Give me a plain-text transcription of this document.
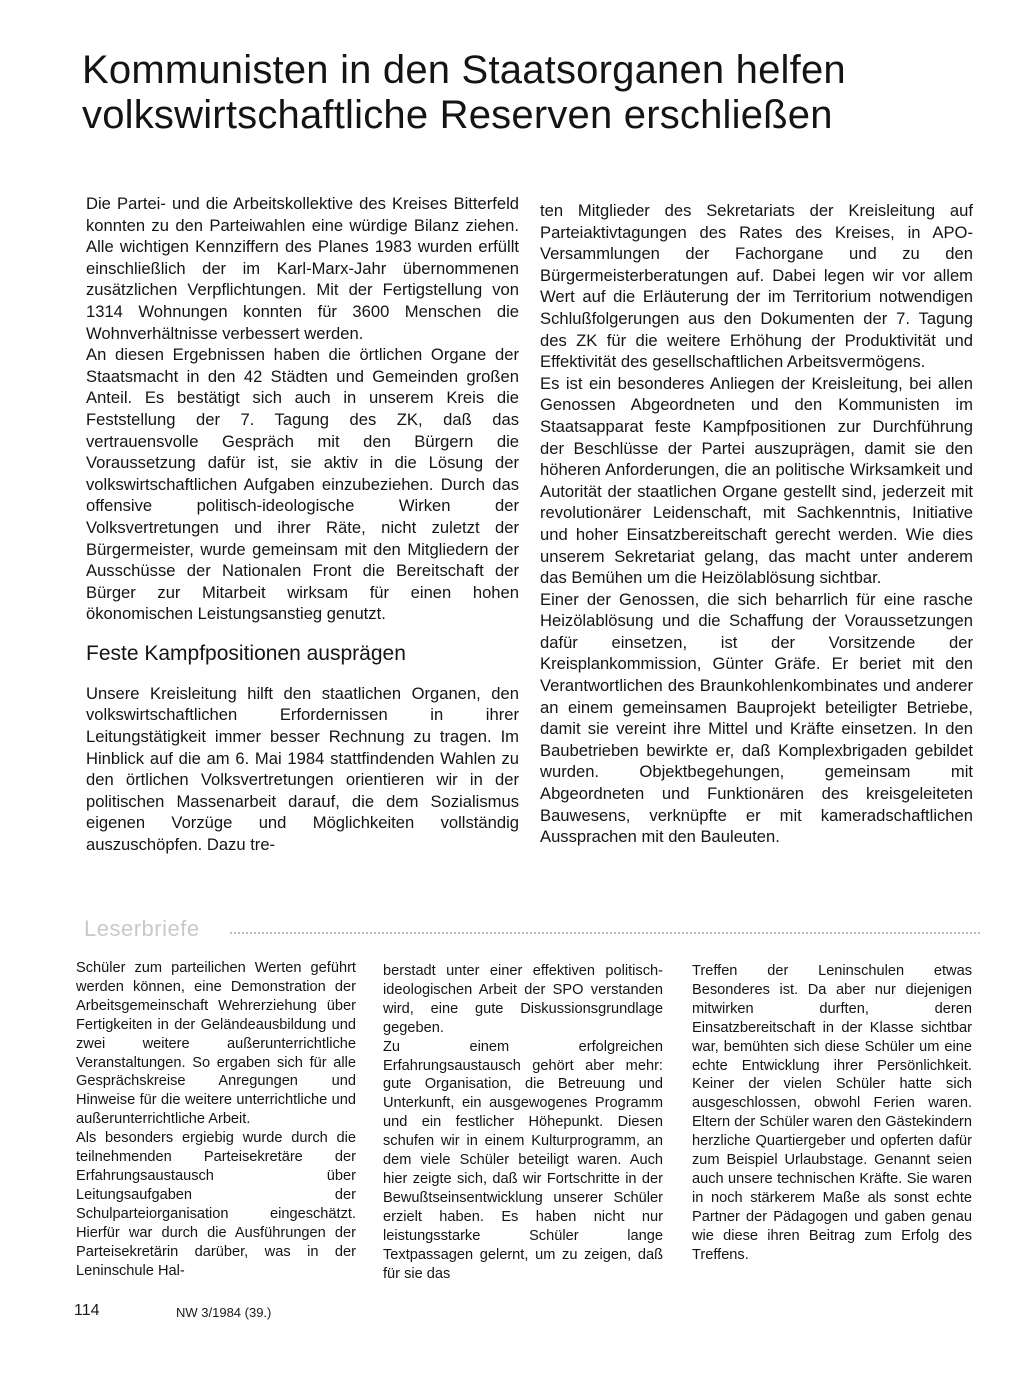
Kommunisten in den Staatsorganen helfen
volkswirtschaftliche Reserven erschließen

Die Partei- und die Arbeitskollektive des Kreises Bitterfeld konnten zu den Parteiwahlen eine würdige Bilanz ziehen. Alle wichtigen Kennziffern des Planes 1983 wurden erfüllt einschließlich der im Karl-Marx-Jahr übernommenen zusätzlichen Verpflichtungen. Mit der Fertigstellung von 1314 Wohnungen konnten für 3600 Menschen die Wohnverhältnisse verbessert werden.

An diesen Ergebnissen haben die örtlichen Organe der Staatsmacht in den 42 Städten und Gemeinden großen Anteil. Es bestätigt sich auch in unserem Kreis die Feststellung der 7. Tagung des ZK, daß das vertrauensvolle Gespräch mit den Bürgern die Voraussetzung dafür ist, sie aktiv in die Lösung der volkswirtschaftlichen Aufgaben einzubeziehen. Durch das offensive politisch-ideologische Wirken der Volksvertretungen und ihrer Räte, nicht zuletzt der Bürgermeister, wurde gemeinsam mit den Mitgliedern der Ausschüsse der Nationalen Front die Bereitschaft der Bürger zur Mitarbeit wirksam für einen hohen ökonomischen Leistungsanstieg genutzt.

Feste Kampfpositionen ausprägen

Unsere Kreisleitung hilft den staatlichen Organen, den volkswirtschaftlichen Erfordernissen in ihrer Leitungstätigkeit immer besser Rechnung zu tragen. Im Hinblick auf die am 6. Mai 1984 stattfindenden Wahlen zu den örtlichen Volksvertretungen orientieren wir in der politischen Massenarbeit darauf, die dem Sozialismus eigenen Vorzüge und Möglichkeiten vollständig auszuschöpfen. Dazu tre-

ten Mitglieder des Sekretariats der Kreisleitung auf Parteiaktivtagungen des Rates des Kreises, in APO-Versammlungen der Fachorgane und zu den Bürgermeisterberatungen auf. Dabei legen wir vor allem Wert auf die Erläuterung der im Territorium notwendigen Schlußfolgerungen aus den Dokumenten der 7. Tagung des ZK für die weitere Erhöhung der Produktivität und Effektivität des gesellschaftlichen Arbeitsvermögens.

Es ist ein besonderes Anliegen der Kreisleitung, bei allen Genossen Abgeordneten und den Kommunisten im Staatsapparat feste Kampfpositionen zur Durchführung der Beschlüsse der Partei auszuprägen, damit sie den höheren Anforderungen, die an politische Wirksamkeit und Autorität der staatlichen Organe gestellt sind, jederzeit mit revolutionärer Leidenschaft, mit Sachkenntnis, Initiative und hoher Einsatzbereitschaft gerecht werden. Wie dies unserem Sekretariat gelang, das macht unter anderem das Bemühen um die Heizölablösung sichtbar.

Einer der Genossen, die sich beharrlich für eine rasche Heizölablösung und die Schaffung der Voraussetzungen dafür einsetzen, ist der Vorsitzende der Kreisplankommission, Günter Gräfe. Er beriet mit den Verantwortlichen des Braunkohlenkombinates und anderer an einem gemeinsamen Bauprojekt beteiligter Betriebe, damit sie vereint ihre Mittel und Kräfte einsetzen. In den Baubetrieben bewirkte er, daß Komplexbrigaden gebildet wurden. Objektbegehungen, gemeinsam mit Abgeordneten und Funktionären des kreisgeleiteten Bauwesens, verknüpfte er mit kameradschaftlichen Aussprachen mit den Bauleuten.

Leserbriefe

Schüler zum parteilichen Werten geführt werden können, eine Demonstration der Arbeitsgemeinschaft Wehrerziehung über Fertigkeiten in der Geländeausbildung und zwei weitere außerunterrichtliche Veranstaltungen. So ergaben sich für alle Gesprächskreise Anregungen und Hinweise für die weitere unterrichtliche und außerunterrichtliche Arbeit.

Als besonders ergiebig wurde durch die teilnehmenden Parteisekretäre der Erfahrungsaustausch über Leitungsaufgaben der Schulparteiorganisation eingeschätzt. Hierfür war durch die Ausführungen der Parteisekretärin darüber, was in der Leninschule Hal-

berstadt unter einer effektiven politisch-ideologischen Arbeit der SPO verstanden wird, eine gute Diskussionsgrundlage gegeben.

Zu einem erfolgreichen Erfahrungsaustausch gehört aber mehr: gute Organisation, die Betreuung und Unterkunft, ein ausgewogenes Programm und ein festlicher Höhepunkt. Diesen schufen wir in einem Kulturprogramm, an dem viele Schüler beteiligt waren. Auch hier zeigte sich, daß wir Fortschritte in der Bewußtseinsentwicklung unserer Schüler erzielt haben. Es haben nicht nur leistungsstarke Schüler lange Textpassagen gelernt, um zu zeigen, daß für sie das

Treffen der Leninschulen etwas Besonderes ist. Da aber nur diejenigen mitwirken durften, deren Einsatzbereitschaft in der Klasse sichtbar war, bemühten sich diese Schüler um eine echte Entwicklung ihrer Persönlichkeit. Keiner der vielen Schüler hatte sich ausgeschlossen, obwohl Ferien waren. Eltern der Schüler waren den Gästekindern herzliche Quartiergeber und opferten dafür zum Beispiel Urlaubstage. Genannt seien auch unsere technischen Kräfte. Sie waren in noch stärkerem Maße als sonst echte Partner der Pädagogen und gaben genau wie diese ihren Beitrag zum Erfolg des Treffens.

114	NW 3/1984 (39.)
